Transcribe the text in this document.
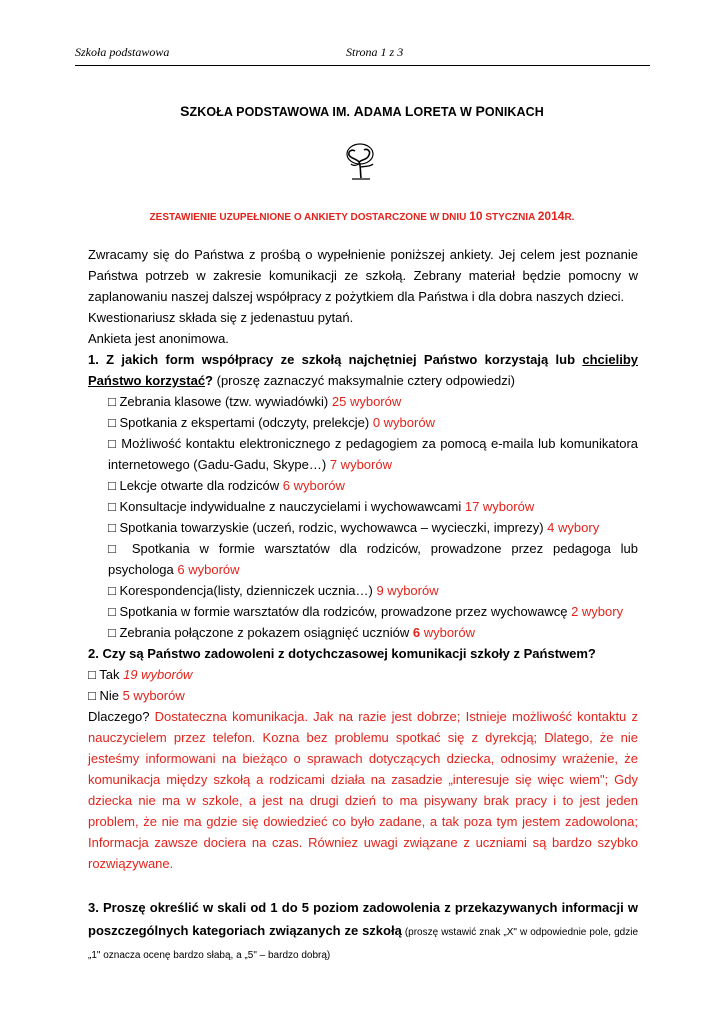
Szkoła podstawowa	Strona 1 z 3
SZKOŁA PODSTAWOWA IM. ADAMA LORETA W PONIKACH
ZESTAWIENIE UZUPEŁNIONE O ANKIETY DOSTARCZONE W DNIU 10 STYCZNIA 2014R.

Zwracamy się do Państwa z prośbą o wypełnienie poniższej ankiety. Jej celem jest poznanie Państwa potrzeb w zakresie komunikacji ze szkołą. Zebrany materiał będzie pomocny w zaplanowaniu naszej dalszej współpracy z pożytkiem dla Państwa i dla dobra naszych dzieci.

Kwestionariusz składa się z jedenastuu pytań.

Ankieta jest anonimowa.

1. Z jakich form współpracy ze szkołą najchętniej Państwo korzystają lub chcieliby Państwo korzystać? (proszę zaznaczyć maksymalnie cztery odpowiedzi)

□ Zebrania klasowe (tzw. wywiadówki) 25 wyborów

□ Spotkania z ekspertami (odczyty, prelekcje) 0 wyborów

□ Możliwość kontaktu elektronicznego z pedagogiem za pomocą e-maila lub komunikatora internetowego (Gadu-Gadu, Skype…) 7 wyborów

□ Lekcje otwarte dla rodziców 6 wyborów

□ Konsultacje indywidualne z nauczycielami i wychowawcami 17 wyborów

□ Spotkania towarzyskie (uczeń, rodzic, wychowawca – wycieczki, imprezy) 4 wybory

□ Spotkania w formie warsztatów dla rodziców, prowadzone przez pedagoga lub psychologa 6 wyborów

□ Korespondencja(listy, dzienniczek ucznia…) 9 wyborów

□ Spotkania w formie warsztatów dla rodziców, prowadzone przez wychowawcę 2 wybory

□ Zebrania połączone z pokazem osiągnięć uczniów 6 wyborów

2. Czy są Państwo zadowoleni z dotychczasowej komunikacji szkoły z Państwem?

□ Tak 19 wyborów

□ Nie 5 wyborów

Dlaczego? Dostateczna komunikacja. Jak na razie jest dobrze; Istnieje możliwość kontaktu z nauczycielem przez telefon. Kozna bez problemu spotkać się z dyrekcją; Dlatego, że nie jesteśmy informowani na bieżąco o sprawach dotyczących dziecka, odnosimy wrażenie, że komunikacja między szkołą a rodzicami działa na zasadzie „interesuje się więc wiem"; Gdy dziecka nie ma w szkole, a jest na drugi dzień to ma pisywany brak pracy i to jest jeden problem, że nie ma gdzie się dowiedzieć co było zadane, a tak poza tym jestem zadowolona; Informacja zawsze dociera na czas. Równiez uwagi związane z uczniami są bardzo szybko rozwiązywane.

3. Proszę określić w skali od 1 do 5 poziom zadowolenia z przekazywanych informacji w poszczególnych kategoriach związanych ze szkołą (proszę wstawić znak „X" w odpowiednie pole, gdzie „1" oznacza ocenę bardzo słabą, a „5" – bardzo dobrą)
